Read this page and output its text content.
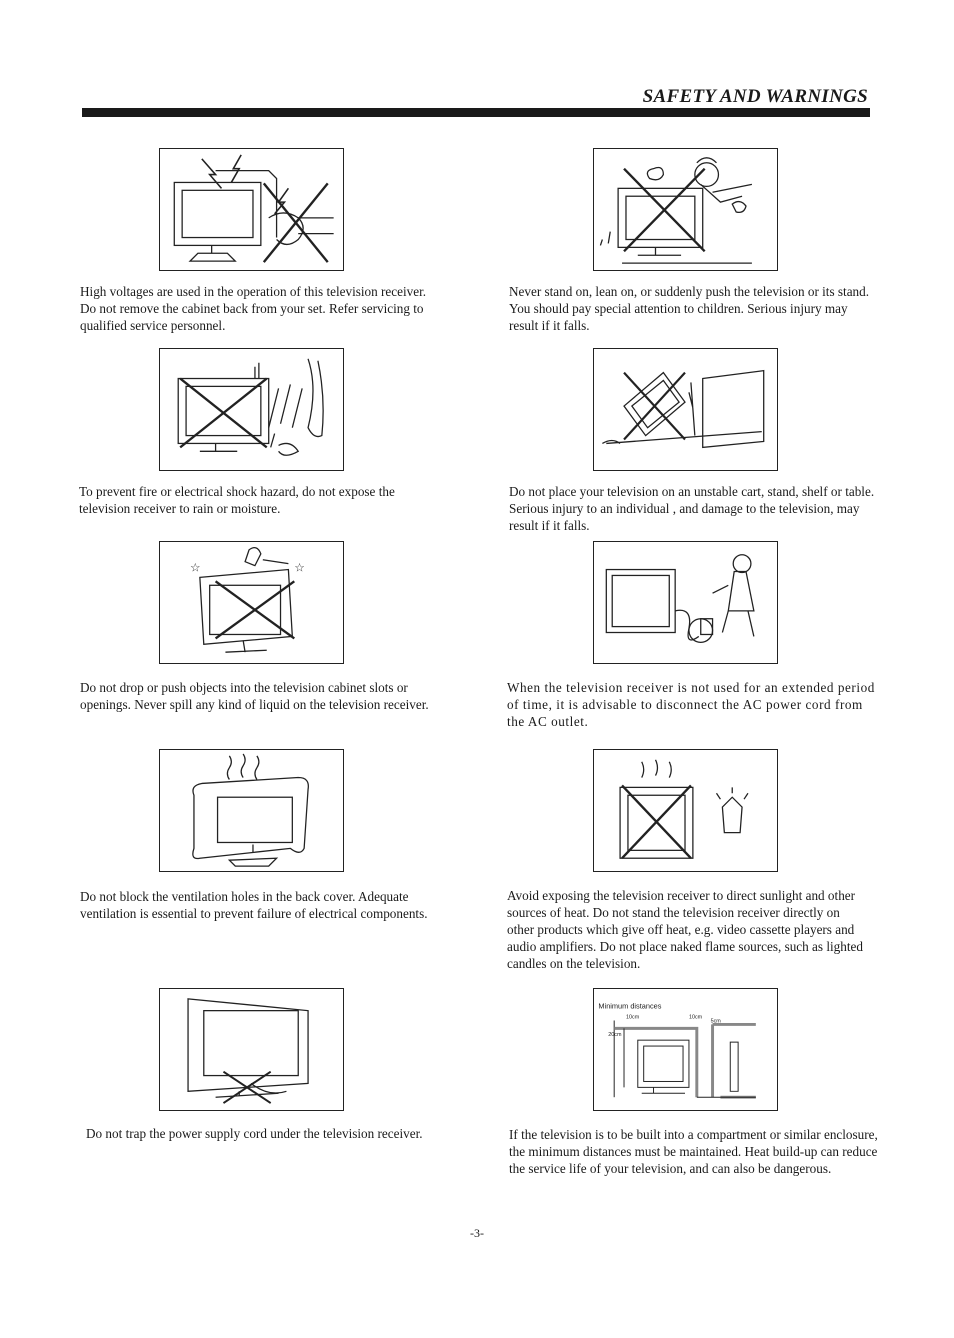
SAFETY AND WARNINGS
High voltages are used in the operation of this television receiver. Do not remove the cabinet back from your set. Refer servicing to qualified service personnel.
Never stand on, lean on, or suddenly push the television or its stand. You should pay special attention to children. Serious injury may result if it falls.
To prevent fire or electrical shock hazard, do not expose the television receiver to rain or moisture.
Do not place your television on an unstable cart, stand, shelf or table. Serious injury to an individual , and damage to the television, may result if it falls.
☆	☆
Do not drop or push objects into the television cabinet slots or openings. Never spill any kind of liquid on the television receiver.
When the television receiver is not used for an extended period of time, it is advisable to disconnect the AC power cord from the AC outlet.
Do not block the ventilation holes in the back cover. Adequate ventilation is essential to prevent failure of electrical components.
Avoid exposing the television receiver to direct sunlight and other sources of heat. Do not stand the television receiver directly on other products which give off heat, e.g. video cassette players and audio amplifiers. Do not place naked flame sources, such as lighted candles on the television.
Minimum distances
10cm	10cm
5cm
20cm
Do not trap the power supply cord under the television receiver.	If the television is to be built into a compartment or similar enclosure, the minimum distances must be maintained. Heat build-up can reduce the service life of your television, and can also be dangerous.
-3-
